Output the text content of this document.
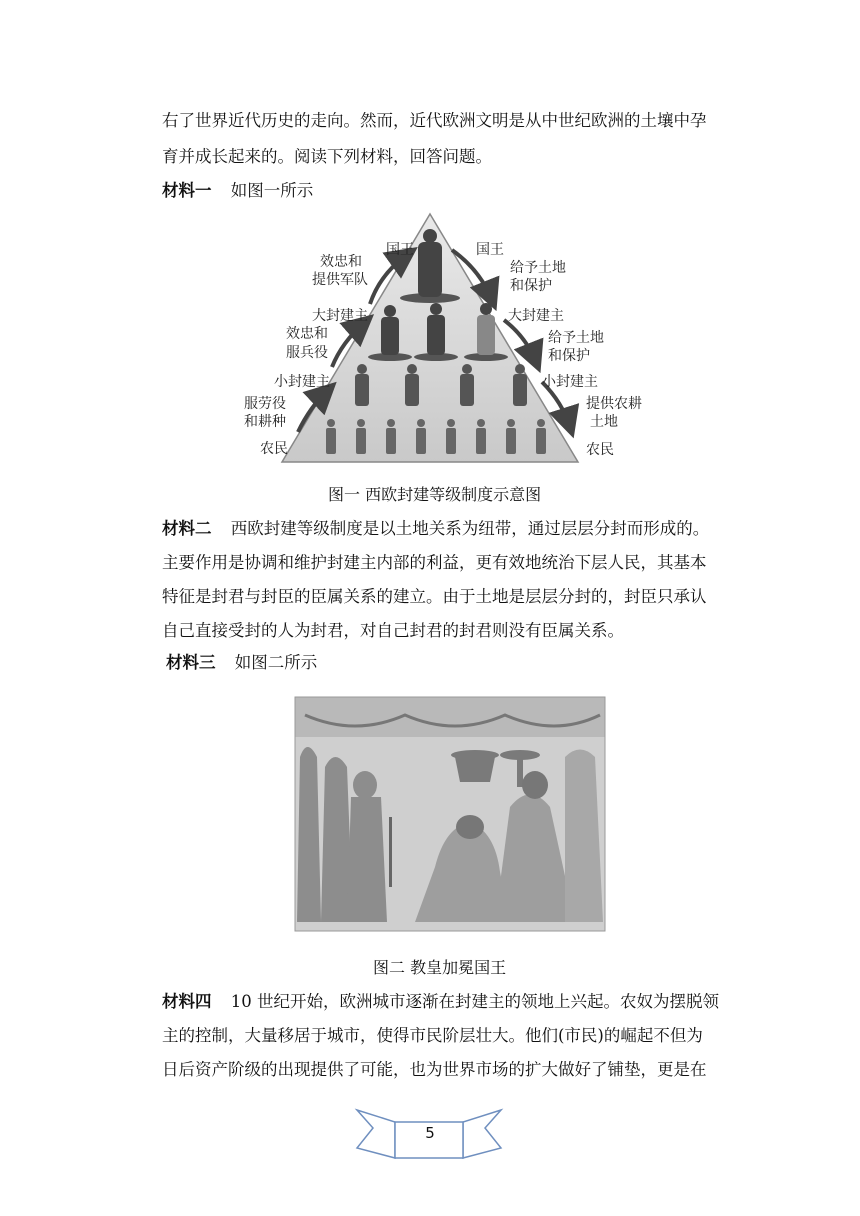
右了世界近代历史的走向。然而，近代欧洲文明是从中世纪欧洲的土壤中孕
育并成长起来的。阅读下列材料，回答问题。
材料一 如图一所示
国王
效忠和
提供军队
大封建主
效忠和
服兵役
小封建主
服劳役
和耕种
农民
国王
给予土地
和保护
大封建主
给予土地
和保护
小封建主
提供农耕
土地
农民
图一 西欧封建等级制度示意图
材料二 西欧封建等级制度是以土地关系为纽带，通过层层分封而形成的。
主要作用是协调和维护封建主内部的利益，更有效地统治下层人民，其基本
特征是封君与封臣的臣属关系的建立。由于土地是层层分封的，封臣只承认
自己直接受封的人为封君，对自己封君的封君则没有臣属关系。
材料三 如图二所示
图二 教皇加冕国王
材料四 10 世纪开始，欧洲城市逐渐在封建主的领地上兴起。农奴为摆脱领
主的控制，大量移居于城市，使得市民阶层壮大。他们(市民)的崛起不但为
日后资产阶级的出现提供了可能，也为世界市场的扩大做好了铺垫，更是在
5
